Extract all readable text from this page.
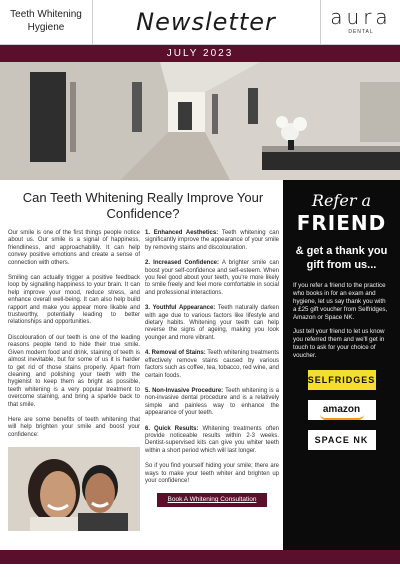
Teeth Whitening
Hygiene	Newsletter	aura
DENTAL
JULY 2023
Can Teeth Whitening Really Improve Your Confidence?

Our smile is one of the first things people notice about us. Our smile is a signal of happiness, friendliness, and approachability. It can help convey positive emotions and create a sense of connection with others.

Smiling can actually trigger a positive feedback loop by signalling happiness to your brain. It can help improve your mood, reduce stress, and enhance overall well-being. It can also help build rapport and make you appear more likable and trustworthy, potentially leading to better relationships and opportunities.

Discolouration of our teeth is one of the leading reasons people tend to hide their true smile. Given modern food and drink, staining of teeth is almost inevitable, but for some of us it is harder to get rid of those stains properly. Apart from cleaning and polishing your teeth with the hygienist to keep them as bright as possible, teeth whitening is a very popular treatment to overcome staining, and bring a sparkle back to that smile.

Here are some benefits of teeth whitening that will help brighten your smile and boost your confidence:

1. Enhanced Aesthetics: Teeth whitening can significantly improve the appearance of your smile by removing stains and discolouration.

2. Increased Confidence: A brighter smile can boost your self-confidence and self-esteem. When you feel good about your teeth, you're more likely to smile freely and feel more comfortable in social and professional interactions.

3. Youthful Appearance: Teeth naturally darken with age due to various factors like lifestyle and dietary habits. Whitening your teeth can help reverse the signs of ageing, making you look younger and more vibrant.

4. Removal of Stains: Teeth whitening treatments effectively remove stains caused by various factors such as coffee, tea, tobacco, red wine, and certain foods.

5. Non-Invasive Procedure: Teeth whitening is a non-invasive dental procedure and is a relatively simple and painless way to enhance the appearance of your teeth.

6. Quick Results: Whitening treatments often provide noticeable results within 2-3 weeks. Dentist-supervised kits can give you whiter teeth within a short period which will last longer.

So if you find yourself hiding your smile; there are ways to make your teeth whiter and brighten up your confidence!

Book A Whitening Consultation
Refer a
FRIEND
& get a thank you gift from us...
If you refer a friend to the practice who books in for an exam and hygiene, let us say thank you with a £25 gift voucher from Selfridges, Amazon or Space NK.
Just tell your friend to let us know you referred them and we'll get in touch to ask for your choice of voucher.
SELFRIDGES
amazon
SPACE NK
